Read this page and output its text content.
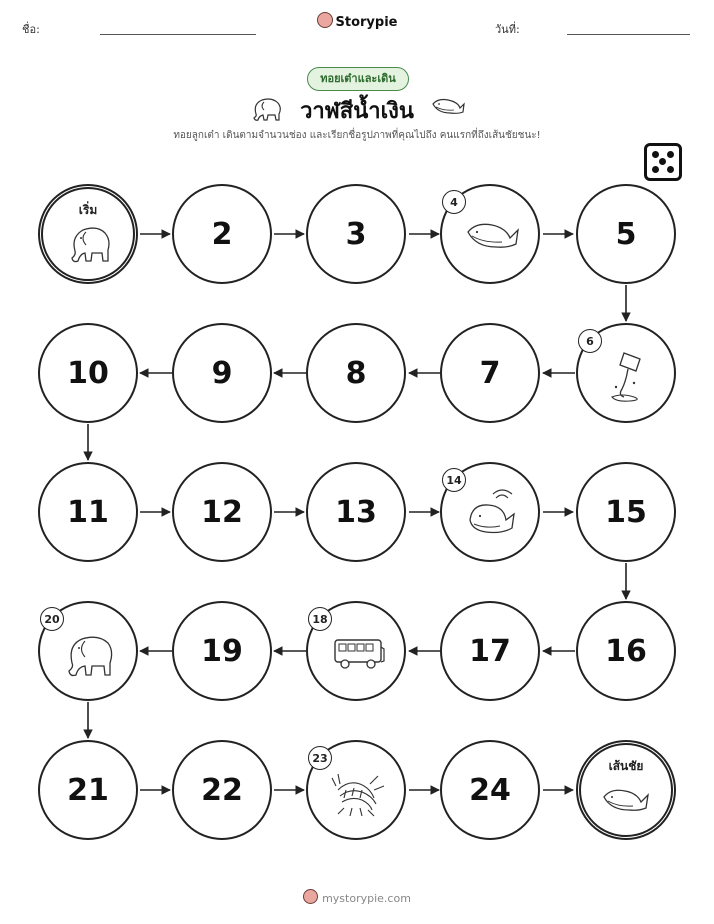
ชื่อ:	Storypie	วันที่:
ทอยเต๋าและเดิน
วาฬสีน้ำเงิน
ทอยลูกเต๋า เดินตามจำนวนช่อง และเรียกชื่อรูปภาพที่คุณไปถึง คนแรกที่ถึงเส้นชัยชนะ!
เริ่ม
2	3
4
5
10	9	8	7
6
11	12	13
14
15
20
19
18
17	16
21	22
23
24
เส้นชัย
mystorypie.com
